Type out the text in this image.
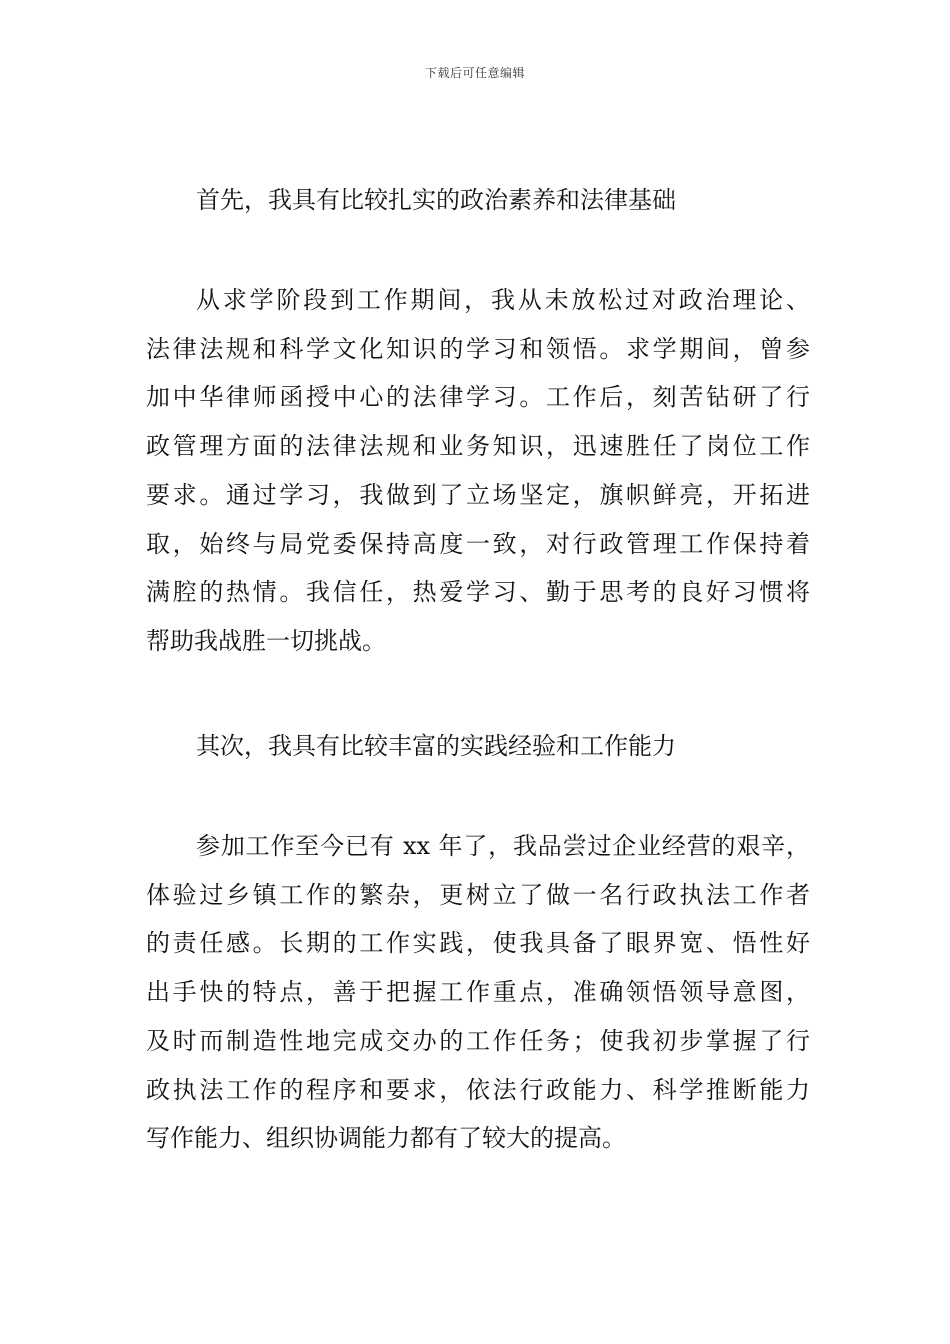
下载后可任意编辑
首先，我具有比较扎实的政治素养和法律基础
从求学阶段到工作期间，我从未放松过对政治理论、
法律法规和科学文化知识的学习和领悟。求学期间，曾参
加中华律师函授中心的法律学习。工作后，刻苦钻研了行
政管理方面的法律法规和业务知识，迅速胜任了岗位工作
要求。通过学习，我做到了立场坚定，旗帜鲜亮，开拓进
取，始终与局党委保持高度一致，对行政管理工作保持着
满腔的热情。我信任，热爱学习、勤于思考的良好习惯将
帮助我战胜一切挑战。
其次，我具有比较丰富的实践经验和工作能力
参加工作至今已有 xx 年了，我品尝过企业经营的艰辛，
体验过乡镇工作的繁杂，更树立了做一名行政执法工作者
的责任感。长期的工作实践，使我具备了眼界宽、悟性好
出手快的特点，善于把握工作重点，准确领悟领导意图，
及时而制造性地完成交办的工作任务；使我初步掌握了行
政执法工作的程序和要求，依法行政能力、科学推断能力
写作能力、组织协调能力都有了较大的提高。
